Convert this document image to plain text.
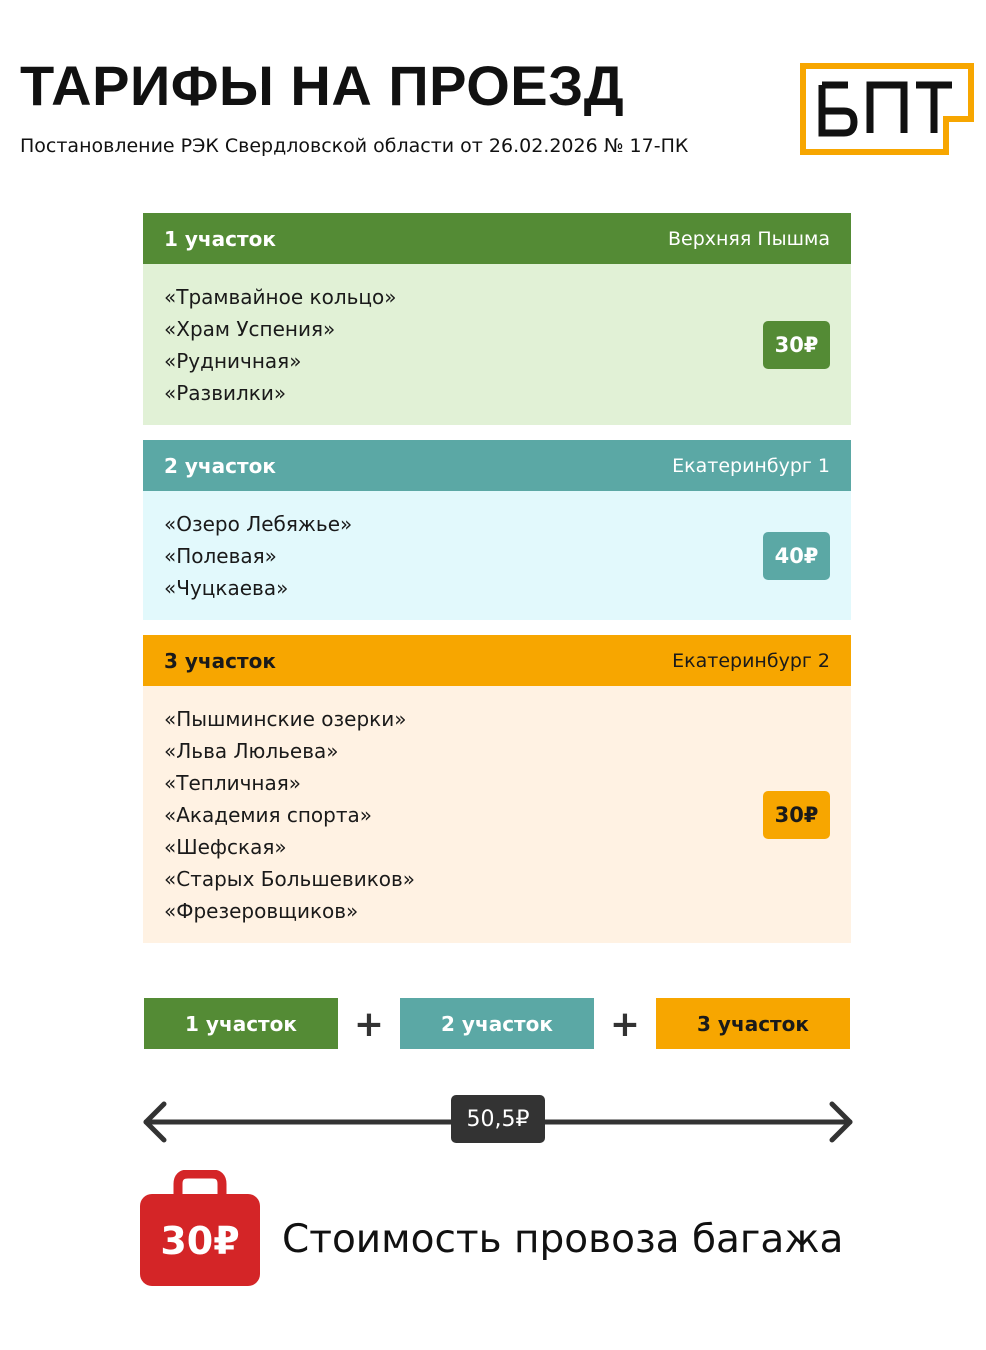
ТАРИФЫ НА ПРОЕЗД
Постановление РЭК Свердловской области от 26.02.2026 № 17-ПК
1 участок	Верхняя Пышма
«Трамвайное кольцо»
«Храм Успения»
«Рудничная»
«Развилки»
30₽
2 участок	Екатеринбург 1
«Озеро Лебяжье»
«Полевая»
«Чуцкаева»
40₽
3 участок	Екатеринбург 2
«Пышминские озерки»
«Льва Люльева»
«Тепличная»
«Академия спорта»
«Шефская»
«Старых Большевиков»
«Фрезеровщиков»
30₽
1 участок	+	2 участок	+	3 участок
50,5₽
30₽	Стоимость провоза багажа
